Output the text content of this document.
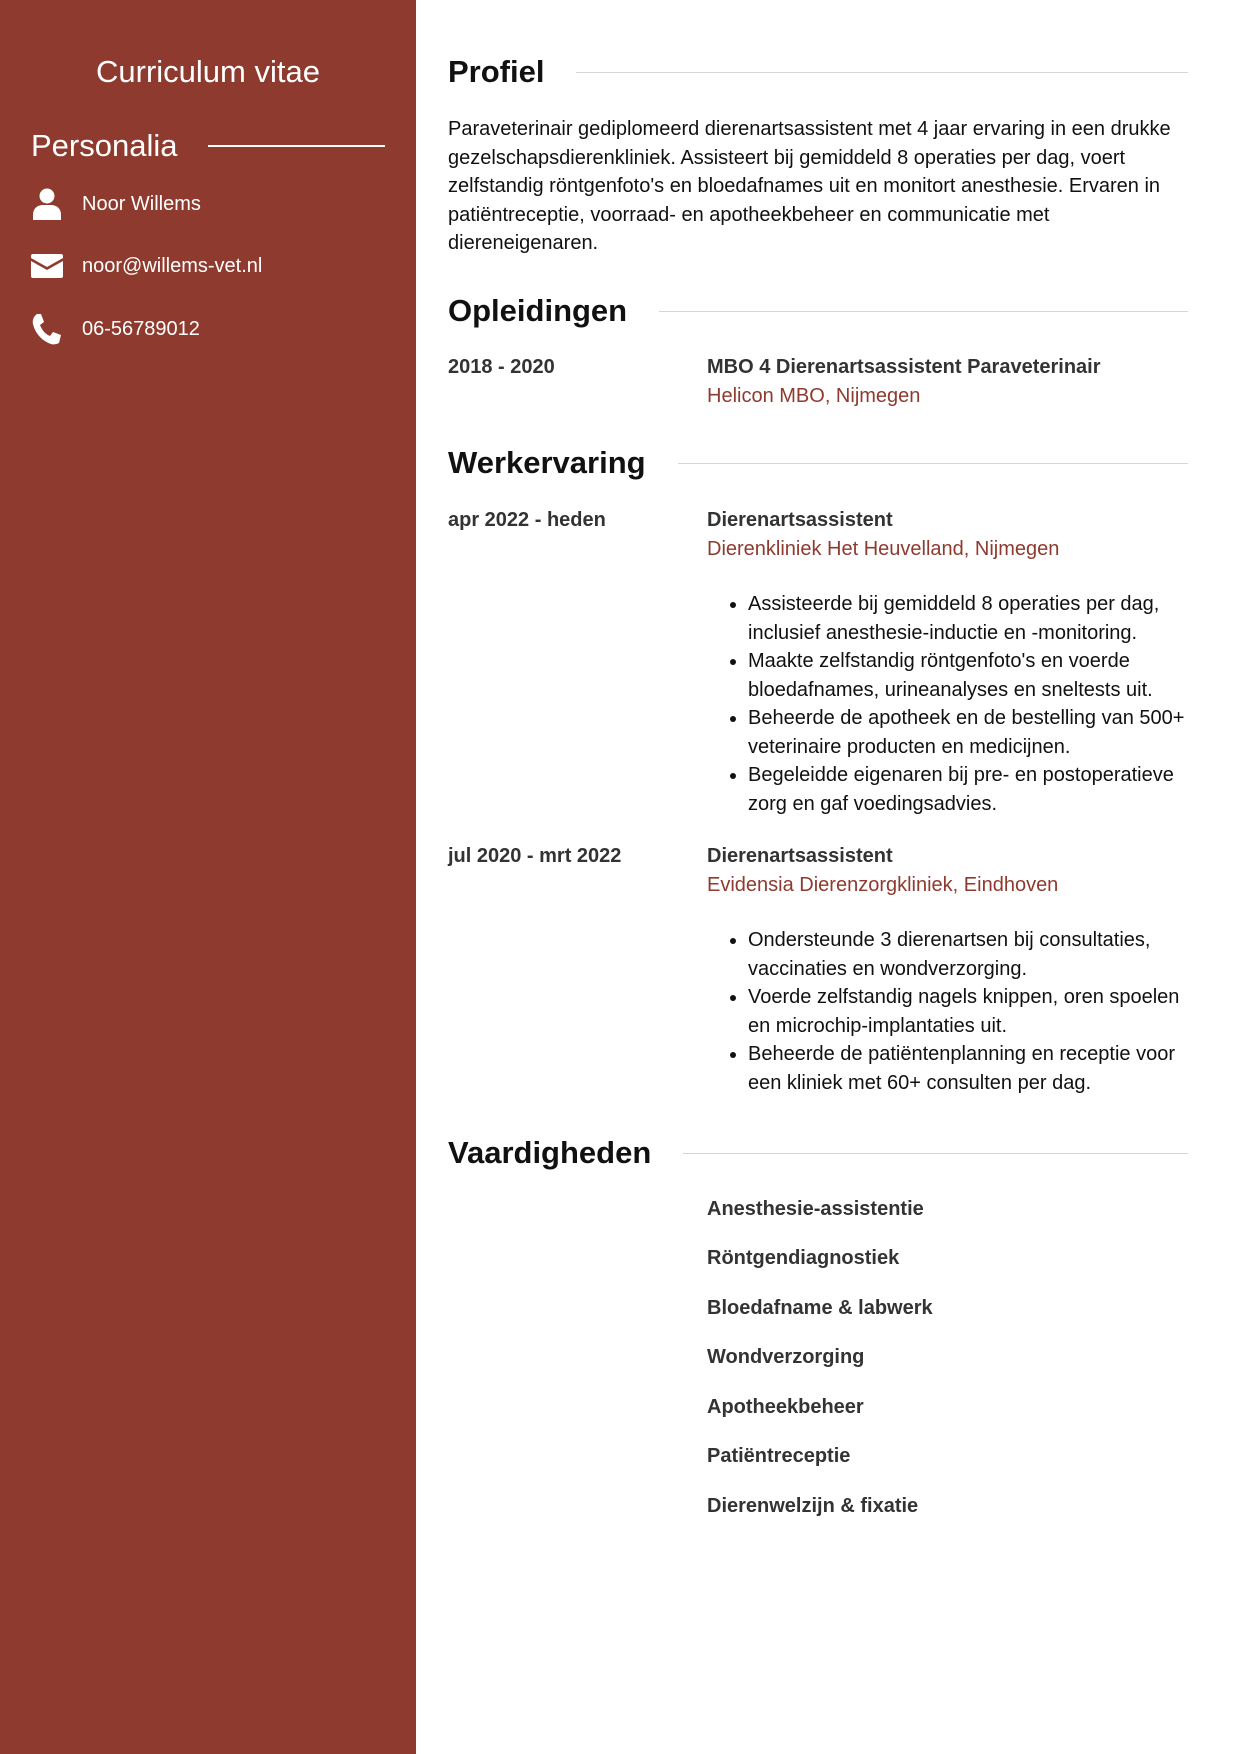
Curriculum vitae
Personalia
Noor Willems
noor@willems-vet.nl
06-56789012
Profiel
Paraveterinair gediplomeerd dierenartsassistent met 4 jaar ervaring in een drukke gezelschapsdierenkliniek. Assisteert bij gemiddeld 8 operaties per dag, voert zelfstandig röntgenfoto's en bloedafnames uit en monitort anesthesie. Ervaren in patiëntreceptie, voorraad- en apotheekbeheer en communicatie met diereneigenaren.
Opleidingen
2018 - 2020	MBO 4 Dierenartsassistent Paraveterinair
Helicon MBO, Nijmegen
Werkervaring
apr 2022 - heden	Dierenartsassistent
Dierenkliniek Het Heuvelland, Nijmegen
• Assisteerde bij gemiddeld 8 operaties per dag, inclusief anesthesie-inductie en -monitoring.
• Maakte zelfstandig röntgenfoto's en voerde bloedafnames, urineanalyses en sneltests uit.
• Beheerde de apotheek en de bestelling van 500+ veterinaire producten en medicijnen.
• Begeleidde eigenaren bij pre- en postoperatieve zorg en gaf voedingsadvies.
jul 2020 - mrt 2022	Dierenartsassistent
Evidensia Dierenzorgkliniek, Eindhoven
• Ondersteunde 3 dierenartsen bij consultaties, vaccinaties en wondverzorging.
• Voerde zelfstandig nagels knippen, oren spoelen en microchip-implantaties uit.
• Beheerde de patiëntenplanning en receptie voor een kliniek met 60+ consulten per dag.
Vaardigheden
Anesthesie-assistentie
Röntgendiagnostiek
Bloedafname & labwerk
Wondverzorging
Apotheekbeheer
Patiëntreceptie
Dierenwelzijn & fixatie
